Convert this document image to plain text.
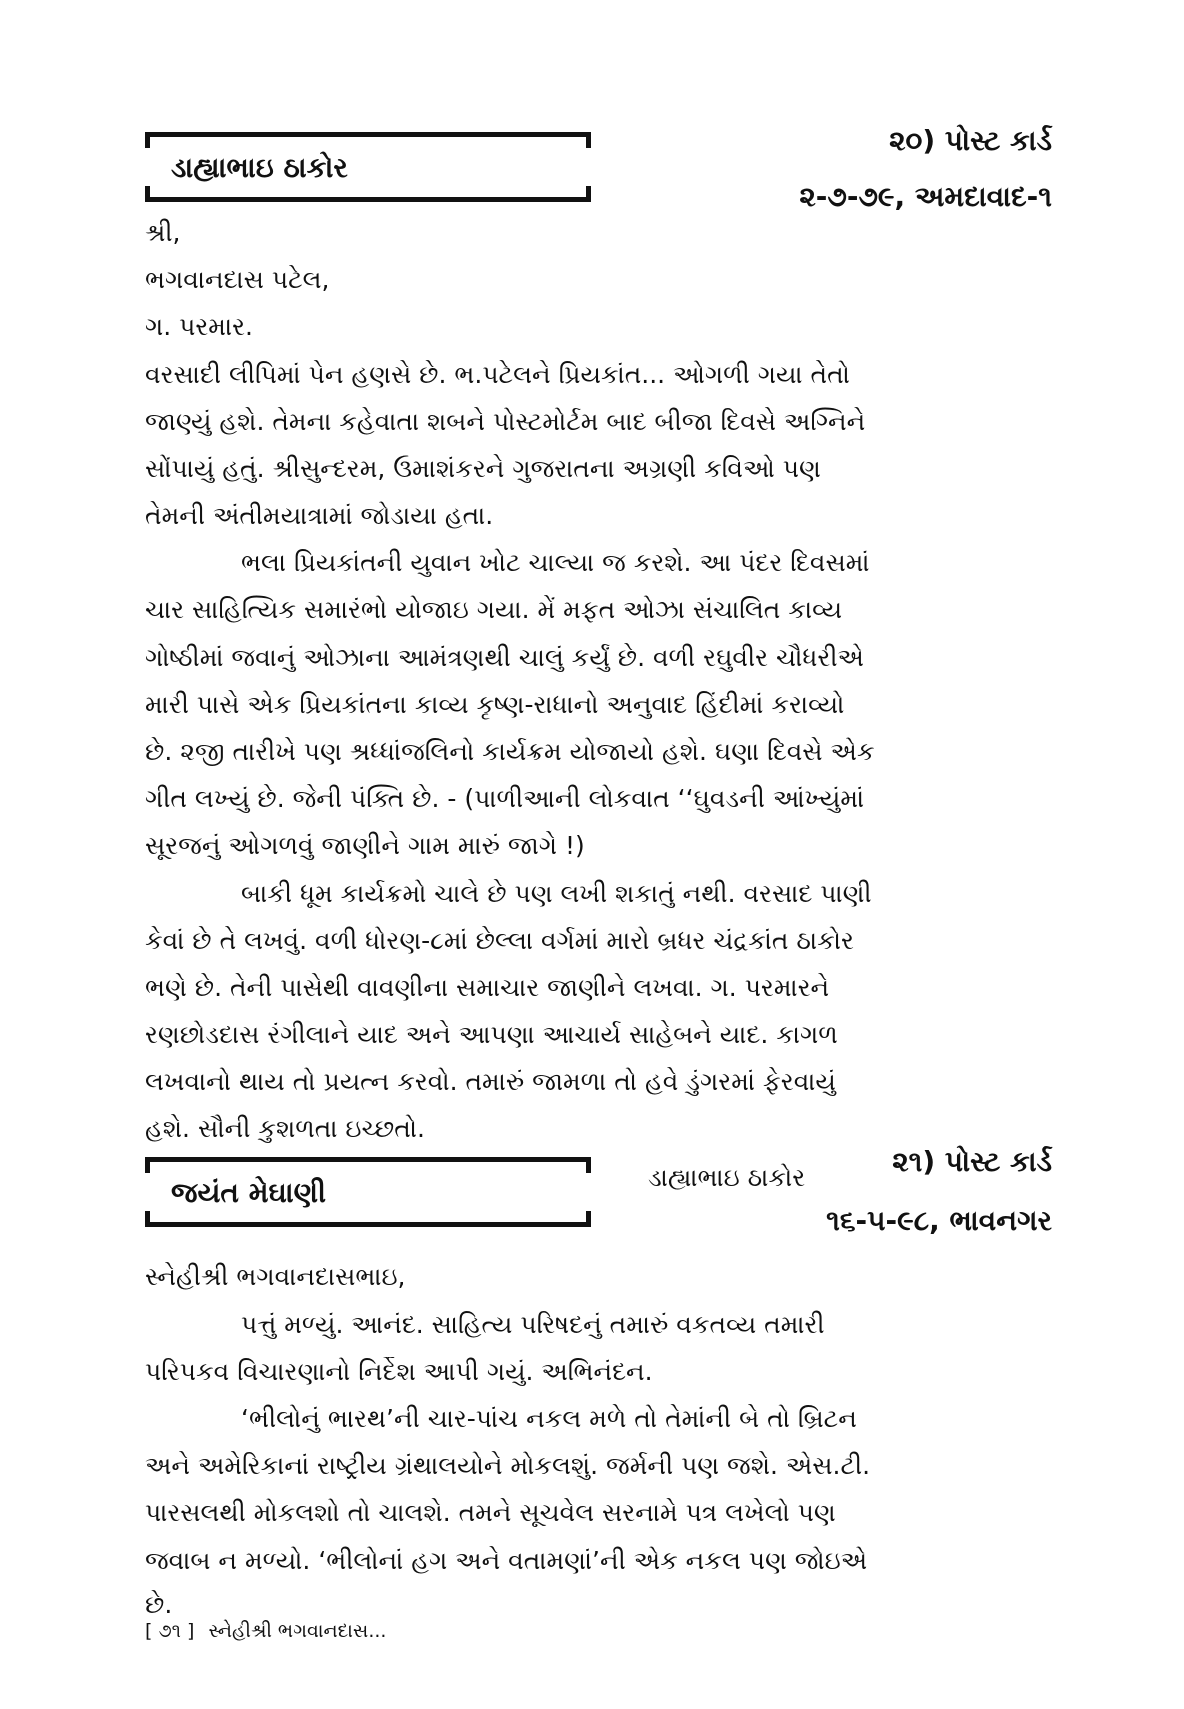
ડાહ્યાભાઇ ઠાકોર
૨૦) પોસ્ટ કાર્ડ
૨-૭-૭૯, અમદાવાદ-૧
શ્રી,
ભગવાનદાસ પટેલ,
ગ. પરમાર.
વરસાદી લીપિમાં પેન હણસે છે. ભ.પટેલને પ્રિયકાંત... ઓગળી ગયા તેતો
જાણ્યું હશે. તેમના કહેવાતા શબને પોસ્ટમોર્ટમ બાદ બીજા દિવસે અગ્નિને
સોંપાયું હતું. શ્રીસુન્દરમ, ઉમાશંકરને ગુજરાતના અગ્રણી કવિઓ પણ
તેમની અંતીમયાત્રામાં જોડાયા હતા.
ભલા પ્રિયકાંતની યુવાન ખોટ ચાલ્યા જ કરશે. આ પંદર દિવસમાં
ચાર સાહિત્યિક સમારંભો યોજાઇ ગયા. મેં મફત ઓઝા સંચાલિત કાવ્ય
ગોષ્ઠીમાં જવાનું ઓઝાના આમંત્રણથી ચાલું કર્યું છે. વળી રઘુવીર ચૌધરીએ
મારી પાસે એક પ્રિયકાંતના કાવ્ય કૃષ્ણ-રાધાનો અનુવાદ હિંદીમાં કરાવ્યો
છે. ૨જી તારીખે પણ શ્રધ્ધાંજલિનો કાર્યક્રમ યોજાયો હશે. ઘણા દિવસે એક
ગીત લખ્યું છે. જેની પંક્તિ છે. - (પાળીઆની લોકવાત ‘‘ઘુવડની આંખ્યુંમાં
સૂરજનું ઓગળવું જાણીને ગામ મારું જાગે !)
બાકી ધૂમ કાર્યક્રમો ચાલે છે પણ લખી શકાતું નથી. વરસાદ પાણી
કેવાં છે તે લખવું. વળી ધોરણ-૮માં છેલ્લા વર્ગમાં મારો બ્રધર ચંદ્રકાંત ઠાકોર
ભણે છે. તેની પાસેથી વાવણીના સમાચાર જાણીને લખવા. ગ. પરમારને
રણછોડદાસ રંગીલાને યાદ અને આપણા આચાર્ય સાહેબને યાદ. કાગળ
લખવાનો થાય તો પ્રયત્ન કરવો. તમારું જામળા તો હવે ડુંગરમાં ફેરવાયું
હશે. સૌની કુશળતા ઇચ્છતો.
ડાહ્યાભાઇ ઠાકોર
જયંત મેઘાણી
૨૧) પોસ્ટ કાર્ડ
૧૬-૫-૯૮, ભાવનગર
સ્નેહીશ્રી ભગવાનદાસભાઇ,
પત્તું મળ્યું. આનંદ. સાહિત્ય પરિષદનું તમારું વકતવ્ય તમારી
પરિપકવ વિચારણાનો નિર્દેશ આપી ગયું. અભિનંદન.
‘ભીલોનું ભારથ’ની ચાર-પાંચ નકલ મળે તો તેમાંની બે તો બ્રિટન
અને અમેરિકાનાં રાષ્ટ્રીય ગ્રંથાલયોને મોકલશું. જર્મની પણ જશે. એસ.ટી.
પારસલથી મોકલશો તો ચાલશે. તમને સૂચવેલ સરનામે પત્ર લખેલો પણ
જવાબ ન મળ્યો. ‘ભીલોનાં હગ અને વતામણાં’ની એક નકલ પણ જોઇએ
છે.
[ ૭૧ ] સ્નેહીશ્રી ભગવાનદાસ...
